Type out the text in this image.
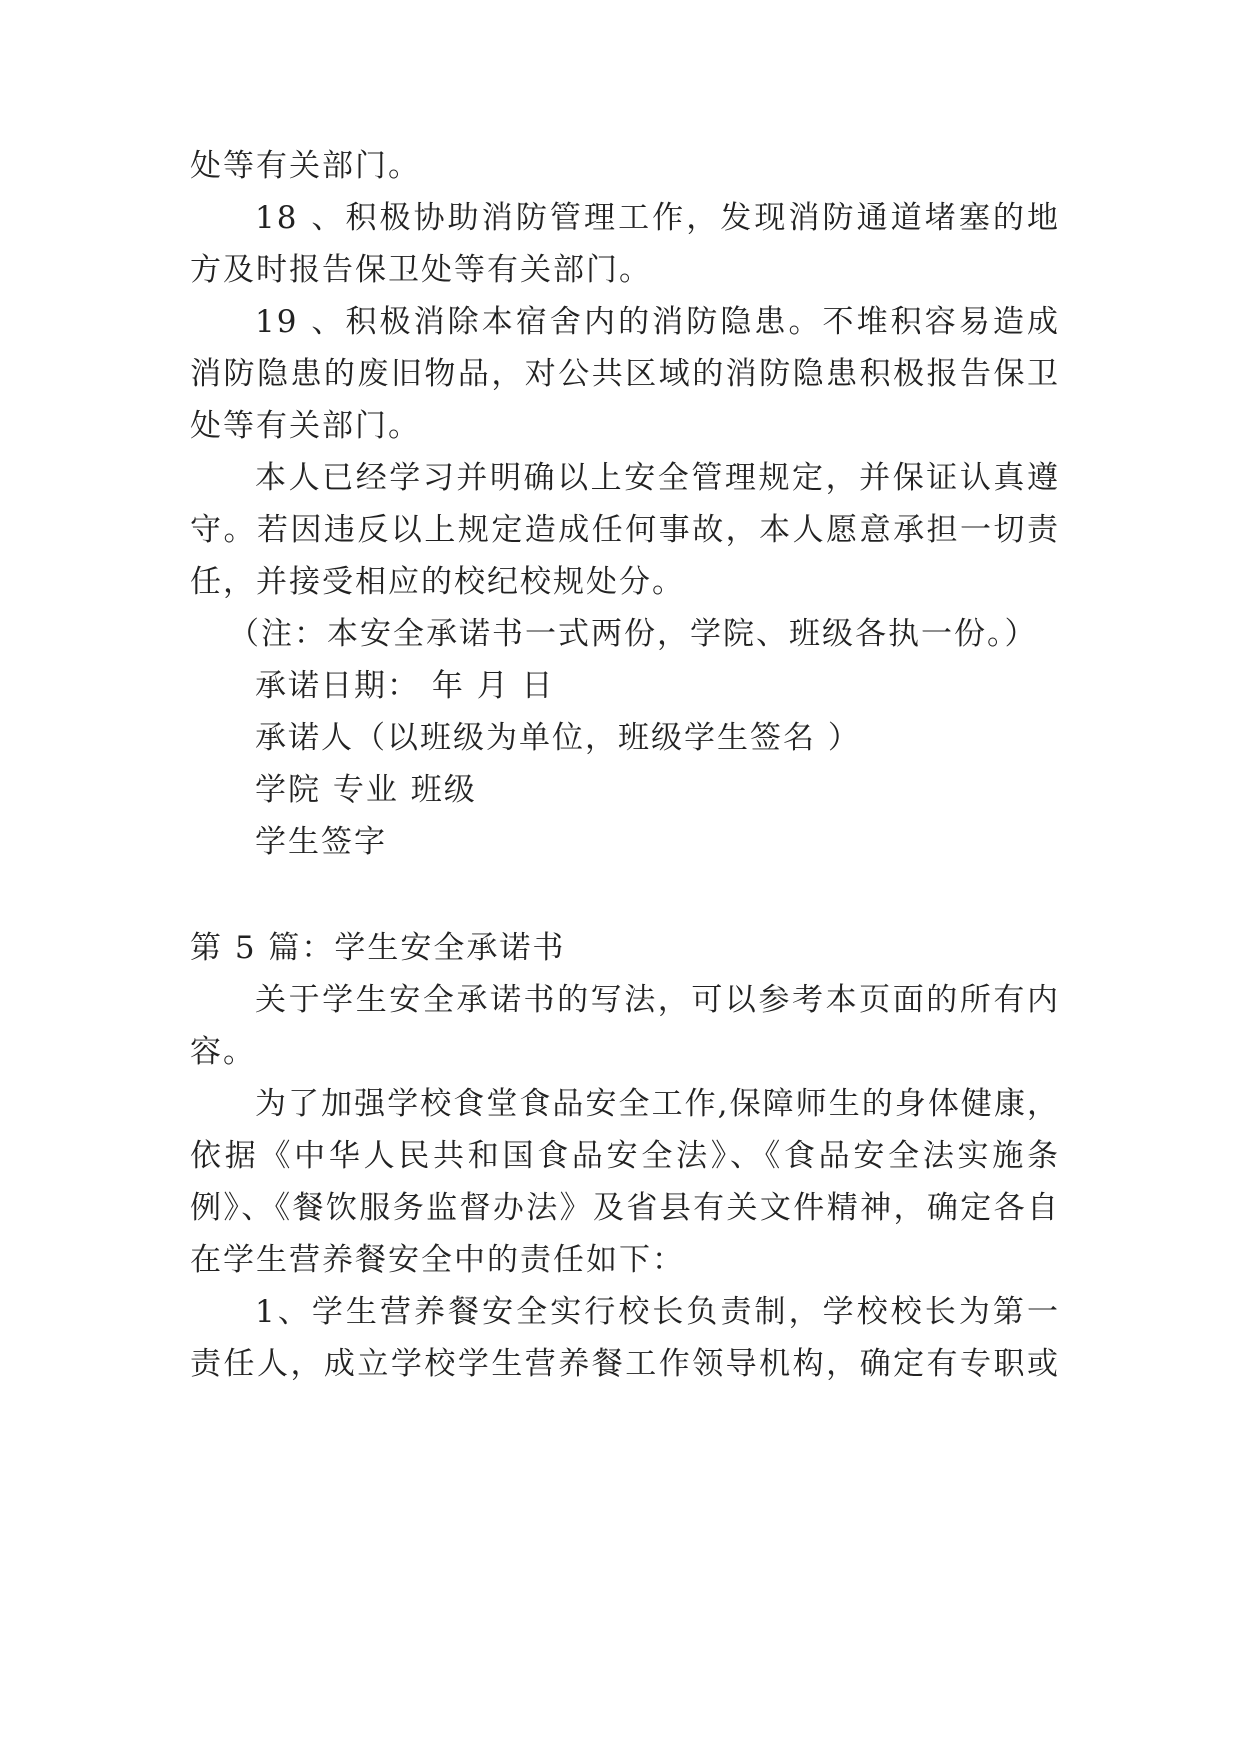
处等有关部门。
18 、积极协助消防管理工作，发现消防通道堵塞的地
方及时报告保卫处等有关部门。
19 、积极消除本宿舍内的消防隐患。不堆积容易造成
消防隐患的废旧物品，对公共区域的消防隐患积极报告保卫
处等有关部门。
本人已经学习并明确以上安全管理规定，并保证认真遵
守。若因违反以上规定造成任何事故，本人愿意承担一切责
任，并接受相应的校纪校规处分。
（注：本安全承诺书一式两份，学院、班级各执一份。）
承诺日期： 年 月 日
承诺人（以班级为单位，班级学生签名 ）
学院 专业 班级
学生签字
第 5 篇：学生安全承诺书
关于学生安全承诺书的写法，可以参考本页面的所有内
容。
为了加强学校食堂食品安全工作,保障师生的身体健康，
依据《中华人民共和国食品安全法》、《食品安全法实施条
例》、《餐饮服务监督办法》及省县有关文件精神，确定各自
在学生营养餐安全中的责任如下：
1、学生营养餐安全实行校长负责制，学校校长为第一
责任人，成立学校学生营养餐工作领导机构，确定有专职或
